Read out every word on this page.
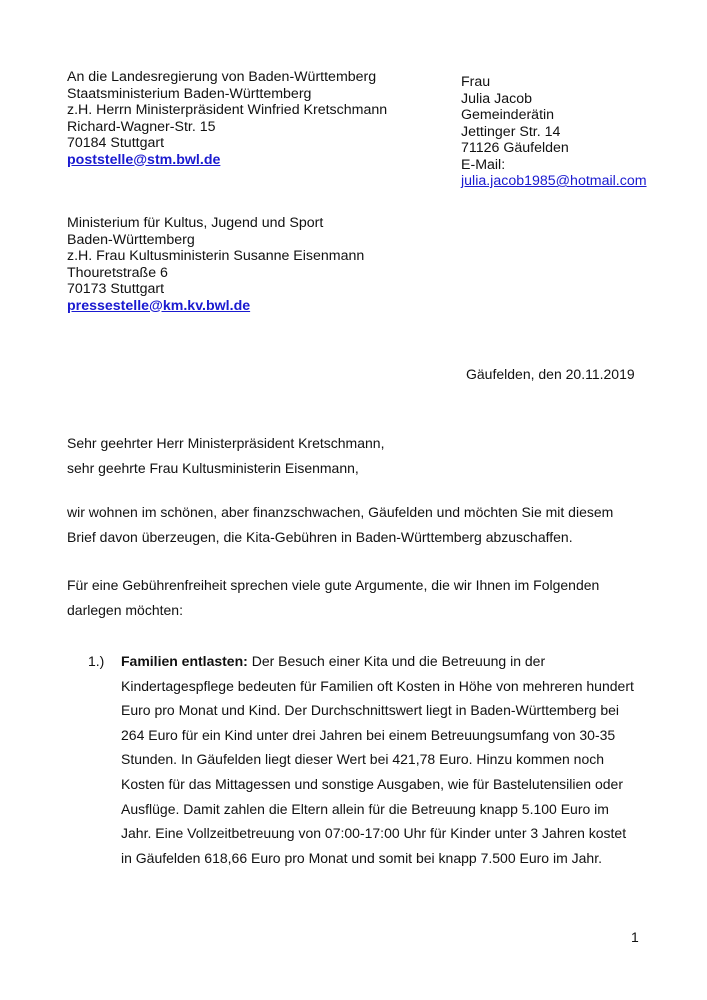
An die Landesregierung von Baden-Württemberg
Staatsministerium Baden-Württemberg
z.H. Herrn Ministerpräsident Winfried Kretschmann
Richard-Wagner-Str. 15
70184 Stuttgart
poststelle@stm.bwl.de
Frau
Julia Jacob
Gemeinderätin
Jettinger Str. 14
71126 Gäufelden
E-Mail:
julia.jacob1985@hotmail.com
Ministerium für Kultus, Jugend und Sport
Baden-Württemberg
z.H. Frau Kultusministerin Susanne Eisenmann
Thouretstraße 6
70173 Stuttgart
pressestelle@km.kv.bwl.de
Gäufelden, den 20.11.2019
Sehr geehrter Herr Ministerpräsident Kretschmann,
sehr geehrte Frau Kultusministerin Eisenmann,
wir wohnen im schönen, aber finanzschwachen, Gäufelden und möchten Sie mit diesem
Brief davon überzeugen, die Kita-Gebühren in Baden-Württemberg abzuschaffen.
Für eine Gebührenfreiheit sprechen viele gute Argumente, die wir Ihnen im Folgenden
darlegen möchten:
1.) Familien entlasten: Der Besuch einer Kita und die Betreuung in der
Kindertagespflege bedeuten für Familien oft Kosten in Höhe von mehreren hundert
Euro pro Monat und Kind. Der Durchschnittswert liegt in Baden-Württemberg bei
264 Euro für ein Kind unter drei Jahren bei einem Betreuungsumfang von 30-35
Stunden. In Gäufelden liegt dieser Wert bei 421,78 Euro. Hinzu kommen noch
Kosten für das Mittagessen und sonstige Ausgaben, wie für Bastelutensilien oder
Ausflüge. Damit zahlen die Eltern allein für die Betreuung knapp 5.100 Euro im
Jahr. Eine Vollzeitbetreuung von 07:00-17:00 Uhr für Kinder unter 3 Jahren kostet
in Gäufelden 618,66 Euro pro Monat und somit bei knapp 7.500 Euro im Jahr.
1
